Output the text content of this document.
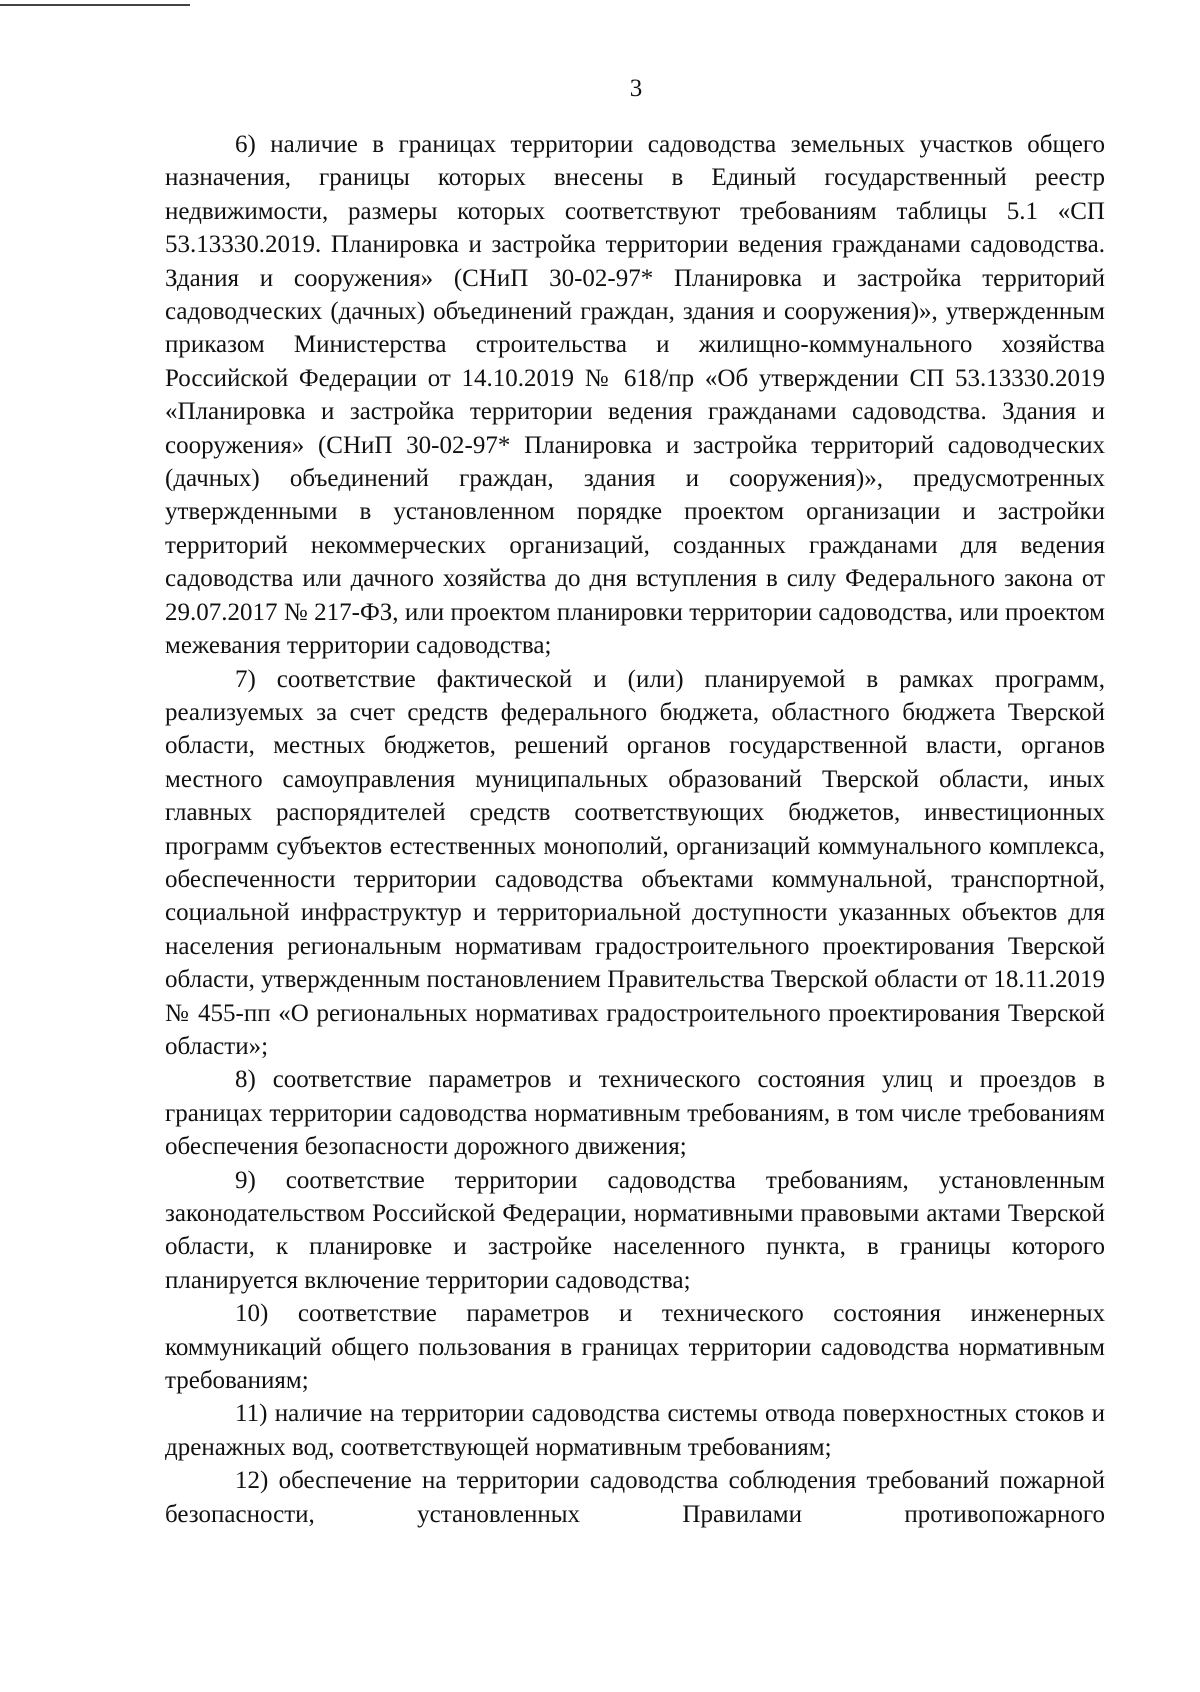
3

6) наличие в границах территории садоводства земельных участков общего назначения, границы которых внесены в Единый государственный реестр недвижимости, размеры которых соответствуют требованиям таблицы 5.1 «СП 53.13330.2019. Планировка и застройка территории ведения гражданами садоводства. Здания и сооружения» (СНиП 30-02-97* Планировка и застройка территорий садоводческих (дачных) объединений граждан, здания и сооружения)», утвержденным приказом Министерства строительства и жилищно-коммунального хозяйства Российской Федерации от 14.10.2019 № 618/пр «Об утверждении СП 53.13330.2019 «Планировка и застройка территории ведения гражданами садоводства. Здания и сооружения» (СНиП 30-02-97* Планировка и застройка территорий садоводческих (дачных) объединений граждан, здания и сооружения)», предусмотренных утвержденными в установленном порядке проектом организации и застройки территорий некоммерческих организаций, созданных гражданами для ведения садоводства или дачного хозяйства до дня вступления в силу Федерального закона от 29.07.2017 № 217-ФЗ, или проектом планировки территории садоводства, или проектом межевания территории садоводства;

7) соответствие фактической и (или) планируемой в рамках программ, реализуемых за счет средств федерального бюджета, областного бюджета Тверской области, местных бюджетов, решений органов государственной власти, органов местного самоуправления муниципальных образований Тверской области, иных главных распорядителей средств соответствующих бюджетов, инвестиционных программ субъектов естественных монополий, организаций коммунального комплекса, обеспеченности территории садоводства объектами коммунальной, транспортной, социальной инфраструктур и территориальной доступности указанных объектов для населения региональным нормативам градостроительного проектирования Тверской области, утвержденным постановлением Правительства Тверской области от 18.11.2019 № 455-пп «О региональных нормативах градостроительного проектирования Тверской области»;

8) соответствие параметров и технического состояния улиц и проездов в границах территории садоводства нормативным требованиям, в том числе требованиям обеспечения безопасности дорожного движения;

9) соответствие территории садоводства требованиям, установленным законодательством Российской Федерации, нормативными правовыми актами Тверской области, к планировке и застройке населенного пункта, в границы которого планируется включение территории садоводства;

10) соответствие параметров и технического состояния инженерных коммуникаций общего пользования в границах территории садоводства нормативным требованиям;

11) наличие на территории садоводства системы отвода поверхностных стоков и дренажных вод, соответствующей нормативным требованиям;

12) обеспечение на территории садоводства соблюдения требований пожарной безопасности, установленных Правилами противопожарного
